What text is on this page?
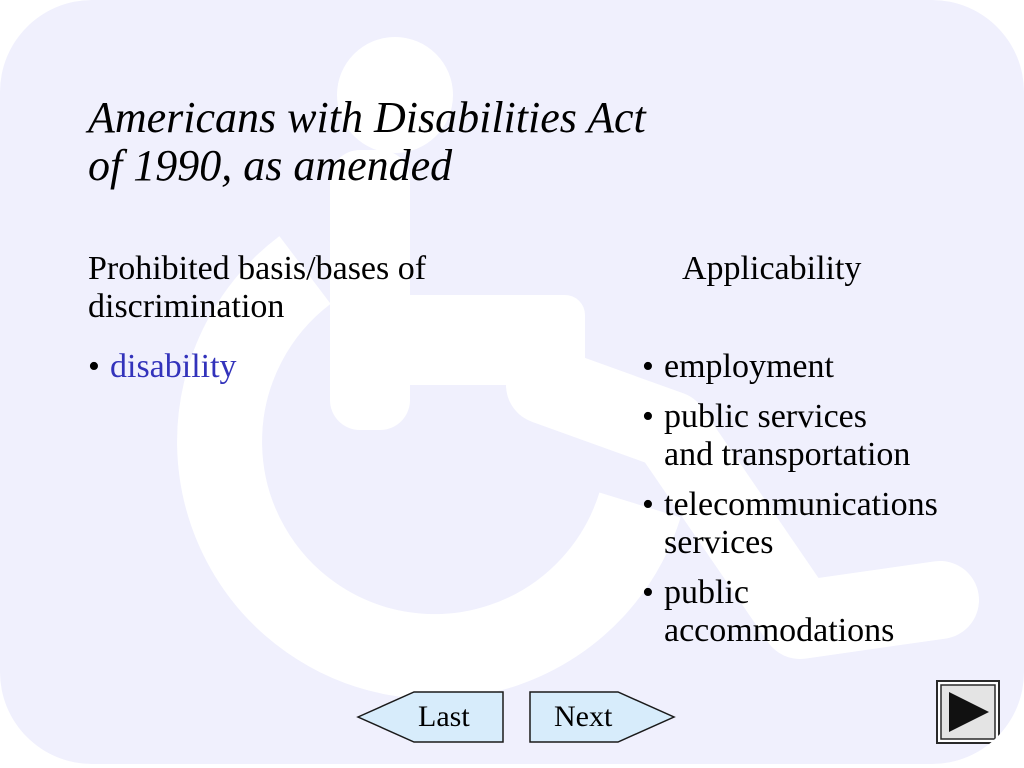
Americans with Disabilities Act
of 1990, as amended
Prohibited basis/bases of
discrimination
Applicability
• disability	• employment
• public services
and transportation
• telecommunications
services
• public
accommodations
Last	Next
